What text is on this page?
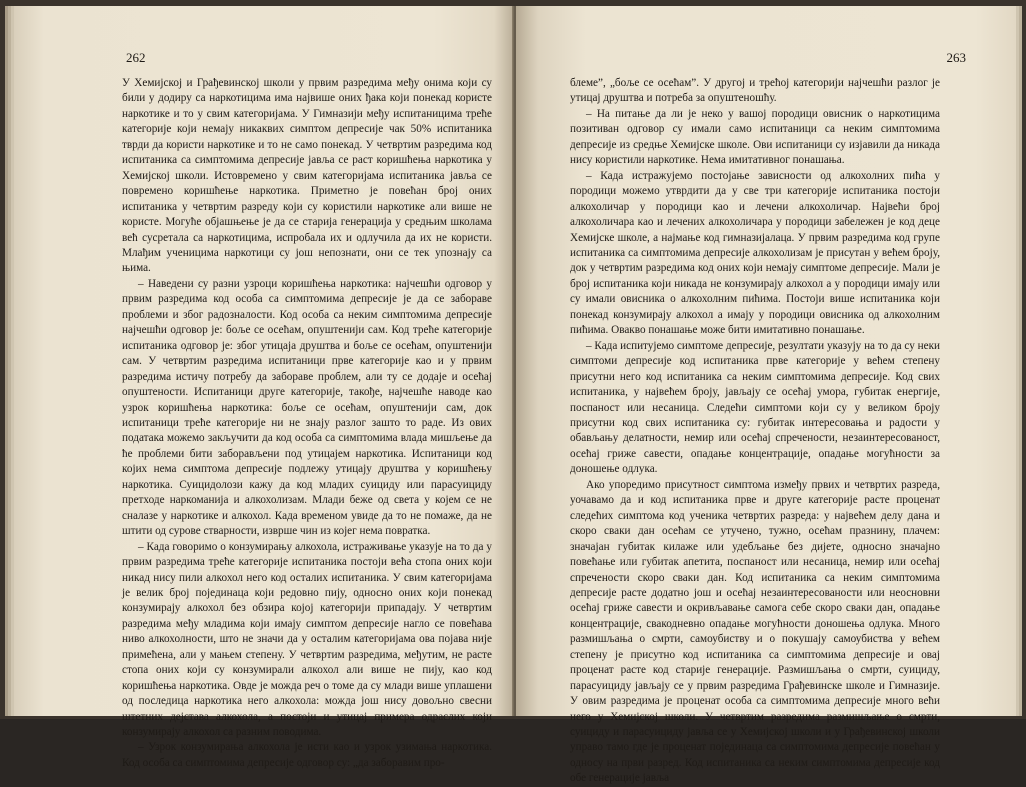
262

У Хемијској и Грађевинској школи у првим разредима међу онима који су били у додиру са наркотицима има највише оних ђака који понекад користе наркотике и то у свим категоријама. У Гимназији међу испитаницима треће категорије који немају никаквих симптом депресије чак 50% испитаника тврди да користи наркотике и то не само понекад. У четвртим разредима код испитаника са симптомима депресије јавља се раст коришћења наркотика у Хемијској школи. Истовремено у свим категоријама испитаника јавља се повремено коришћење наркотика. Приметно је повећан број оних испитаника у четвртим разреду који су користили наркотике али више не користе. Могуће објашњење је да се старија генерација у средњим школама већ сусретала са наркотицима, испробала их и одлучила да их не користи. Млађим ученицима наркотици су још непознати, они се тек упознају са њима.

– Наведени су разни узроци коришћења наркотика: најчешћи одговор у првим разредима код особа са симптомима депресије је да се забораве проблеми и због радозналости. Код особа са неким симптомима депресије најчешћи одговор је: боље се осећам, опуштенији сам. Код треће категорије испитаника одговор је: због утицаја друштва и боље се осећам, опуштенији сам. У четвртим разредима испитаници прве категорије као и у првим разредима истичу потребу да заборавe проблем, али ту се додаје и осећај опуштености. Испитаници друге категорије, такође, најчешће наводе као узрок коришћења наркотика: боље се осећам, опуштенији сам, док испитаници треће категорије ни не знају разлог зашто то раде. Из ових података можемо закључити да код особа са симптомима влада мишљење да ће проблеми бити заборављени под утицајем наркотика. Испитаници код којих нема симптома депресије подлежу утицају друштва у коришћењу наркотика. Суицидолози кажу да код младих суициду или парасуициду претходе наркоманија и алкохолизам. Млади беже од света у којем се не сналазе у наркотике и алкохол. Када временом увиде да то не помаже, да не штити од сурове стварности, изврше чин из којег нема повратка.

– Када говоримо о конзумирању алкохола, истраживање указује на то да у првим разредима треће категорије испитаника постоји већа стопа оних који никад нису пили алкохол него код осталих испитаника. У свим категоријама је велик број појединаца који редовно пију, односно оних који понекад конзумирају алкохол без обзира којој категорији припадају. У четвртим разредима међу младима који имају симптом депресије нагло се повећава ниво алкохолности, што не значи да у осталим категоријама ова појава није примећена, али у мањем степену. У четвртим разредима, међутим, не расте стопа оних који су конзумирали алкохол али више не пију, као код коришћења наркотика. Овде је можда реч о томе да су млади више уплашени од последица наркотика него алкохола: можда још нису довољно свесни штетних дејстава алкохола, а постоји и утицај примера одраслих који конзумирају алкохол са разним поводима.

– Узрок конзумирања алкохола је исти као и узрок узимања наркотика. Код особа са симптомима депресије одговор су: „да заборавим про-

263

блеме”, „боље се осећам”. У другој и трећој категорији најчешћи разлог је утицај друштва и потреба за опуштеношћу.

– На питање да ли је неко у вашој породици овисник о наркотицима позитиван одговор су имали само испитаници са неким симптомима депресије из средње Хемијске школе. Ови испитаници су изјавили да никада нису користили наркотике. Нема имитативног понашања.

– Када истражујемо постојање зависности од алкохолних пића у породици можемо утврдити да у све три категорије испитаника постоји алкохоличар у породици као и лечени алкохоличар. Највећи број алкохоличара као и лечених алкохоличара у породици забележен је код деце Хемијске школе, а најмање код гимназијалаца. У првим разредима код групе испитаника са симптомима депресије алкохолизам је присутан у већем броју, док у четвртим разредима код оних који немају симптоме депресије. Мали је број испитаника који никада не конзумирају алкохол а у породици имају или су имали овисника о алкохолним пићима. Постоји више испитаника који понекад конзумирају алкохол а имају у породици овисника од алкохолним пићима. Овакво понашање може бити имитативно понашање.

– Када испитујемо симптоме депресије, резултати указују на то да су неки симптоми депресије код испитаника прве категорије у већем степену присутни него код испитаника са неким симптомима депресије. Код свих испитаника, у највећем броју, јављају се осећај умора, губитак енергије, поспаност или несаница. Следећи симптоми који су у великом броју присутни код свих испитаника су: губитак интересовања и радости у обављању делатности, немир или осећај спречености, незаинтересованост, осећај гриже савести, опадање концентрације, опадање могућности за доношење одлука.

Ако упоредимо присутност симптома између првих и четвртих разреда, уочавамо да и код испитаника прве и друге категорије расте проценат следећих симптома код ученика четвртих разреда: у највећем делу дана и скоро сваки дан осећам се утучено, тужно, осећам празнину, плачем: значајан губитак килаже или удебљање без дијете, односно значајно повећање или губитак апетита, поспаност или несаница, немир или осећај спречености скоро сваки дан. Код испитаника са неким симптомима депресије расте додатно још и осећај незаинтересованости или неосновни осећај гриже савести и окривљавање самога себе скоро сваки дан, опадање концентрације, свакодневно опадање могућности доношења одлука. Много размишљања о смрти, самоубиству и о покушају самоубиства у већем степену је присутно код испитаника са симптомима депресије и овај проценат расте код старије генерације. Размишљања о смрти, суициду, парасуициду јављају се у првим разредима Грађевинске школе и Гимназије. У овим разредима је проценат особа са симптомима депресије много већи него у Хемијској школи. У четвртим разредима размишљање о смрти, суициду и парасуициду јавља се у Хемијској школи и у Грађевинској школи управо тамо где је проценат појединаца са симптомима депресије повећан у односу на први разред. Код испитаника са неким симптомима депресије код обе генерације јавља
